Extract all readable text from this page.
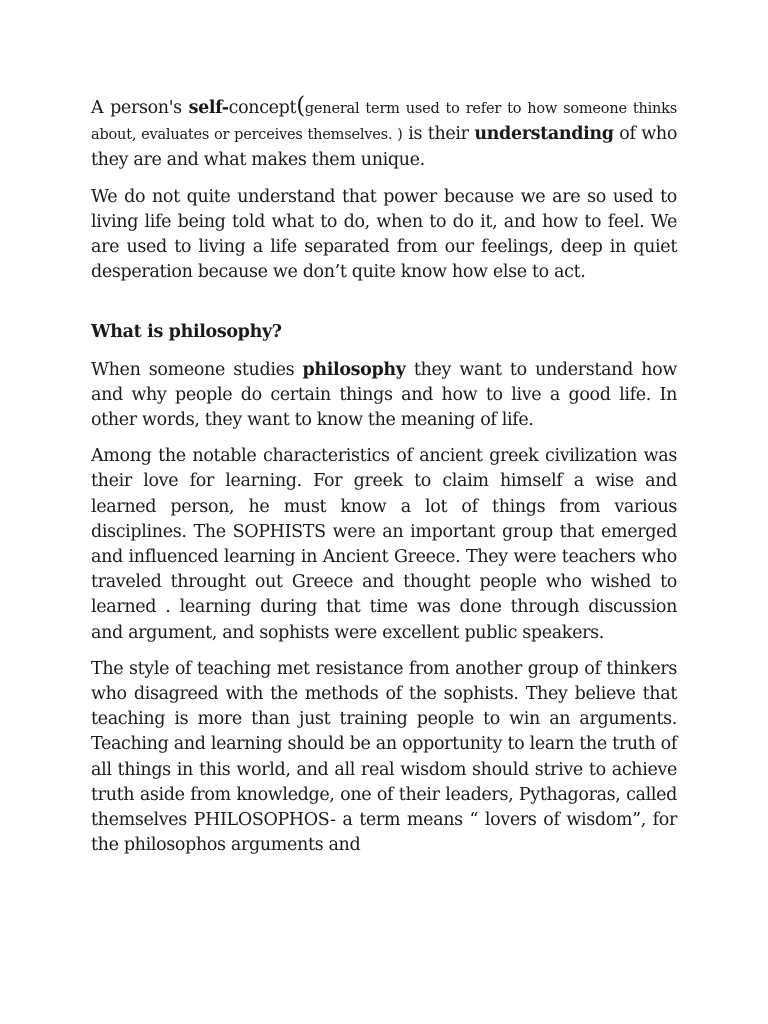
A person's self-concept(general term used to refer to how someone thinks about, evaluates or perceives themselves. ) is their understanding of who they are and what makes them unique.

We do not quite understand that power because we are so used to living life being told what to do, when to do it, and how to feel. We are used to living a life separated from our feelings, deep in quiet desperation because we don’t quite know how else to act.

What is philosophy?

When someone studies philosophy they want to understand how and why people do certain things and how to live a good life. In other words, they want to know the meaning of life.

Among the notable characteristics of ancient greek civilization was their love for learning. For greek to claim himself a wise and learned person, he must know a lot of things from various disciplines. The SOPHISTS were an important group that emerged and influenced learning in Ancient Greece. They were teachers who traveled throught out Greece and thought people who wished to learned . learning during that time was done through discussion and argument, and sophists were excellent public speakers.

The style of teaching met resistance from another group of thinkers who disagreed with the methods of the sophists. They believe that teaching is more than just training people to win an arguments. Teaching and learning should be an opportunity to learn the truth of all things in this world, and all real wisdom should strive to achieve truth aside from knowledge, one of their leaders, Pythagoras, called themselves PHILOSOPHOS- a term means “ lovers of wisdom”, for the philosophos arguments and
